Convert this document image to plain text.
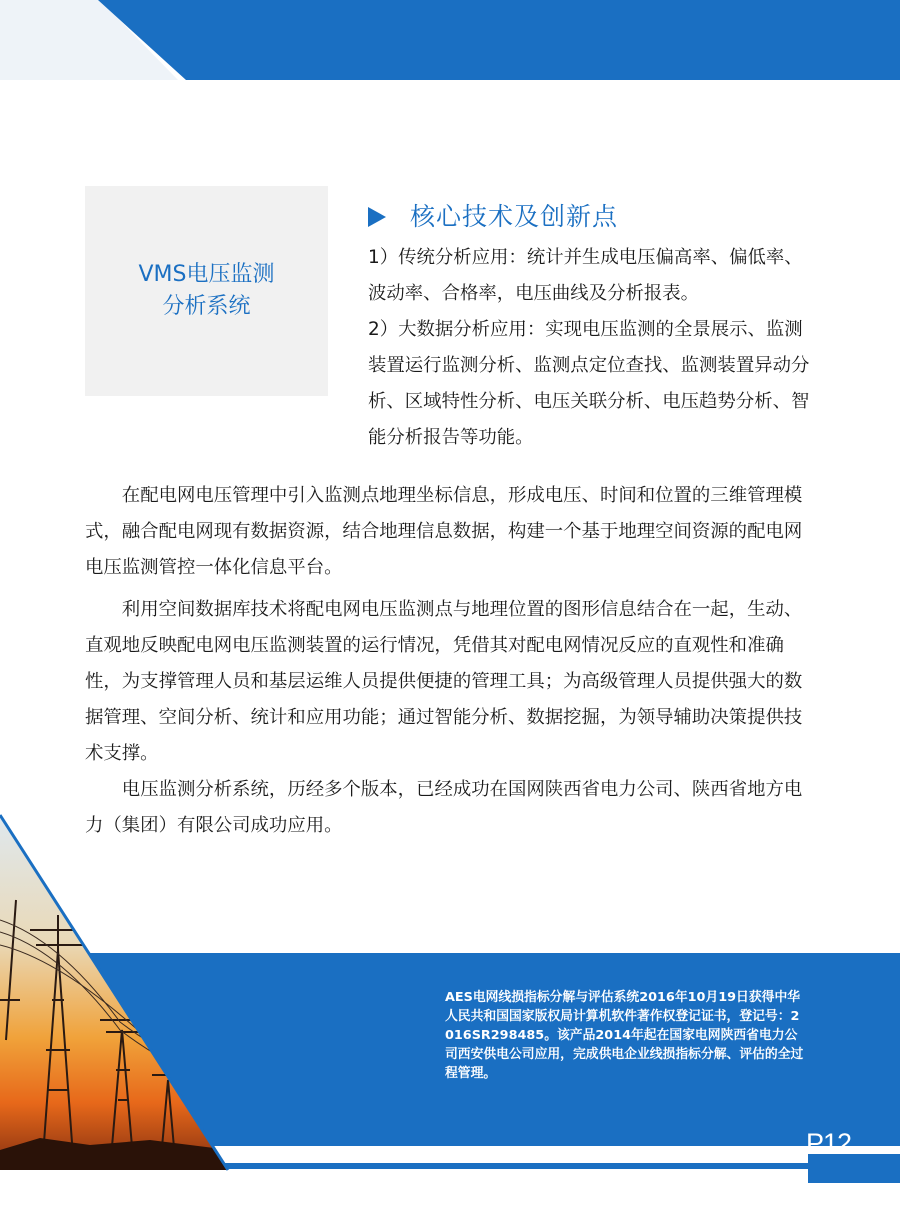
VMS电压监测
分析系统
核心技术及创新点

1）传统分析应用：统计并生成电压偏高率、偏低率、波动率、合格率，电压曲线及分析报表。

2）大数据分析应用：实现电压监测的全景展示、监测装置运行监测分析、监测点定位查找、监测装置异动分析、区域特性分析、电压关联分析、电压趋势分析、智能分析报告等功能。

在配电网电压管理中引入监测点地理坐标信息，形成电压、时间和位置的三维管理模式，融合配电网现有数据资源，结合地理信息数据，构建一个基于地理空间资源的配电网电压监测管控一体化信息平台。

利用空间数据库技术将配电网电压监测点与地理位置的图形信息结合在一起，生动、直观地反映配电网电压监测装置的运行情况，凭借其对配电网情况反应的直观性和准确性，为支撑管理人员和基层运维人员提供便捷的管理工具；为高级管理人员提供强大的数据管理、空间分析、统计和应用功能；通过智能分析、数据挖掘，为领导辅助决策提供技术支撑。

电压监测分析系统，历经多个版本，已经成功在国网陕西省电力公司、陕西省地方电力（集团）有限公司成功应用。

AES电网线损指标分解与评估系统2016年10月19日获得中华人民共和国国家版权局计算机软件著作权登记证书，登记号：2016SR298485。该产品2014年起在国家电网陕西省电力公司西安供电公司应用，完成供电企业线损指标分解、评估的全过程管理。
P12
